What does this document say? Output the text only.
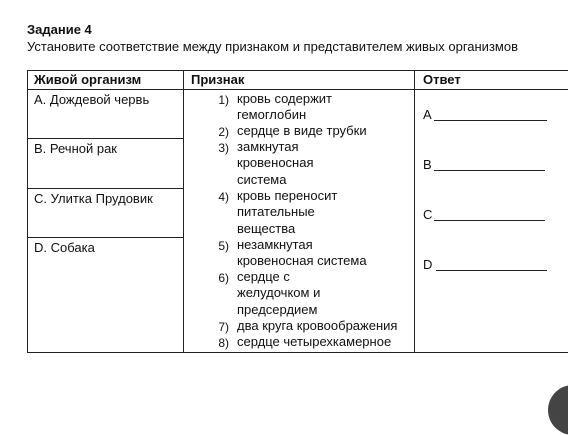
Задание 4
Установите соответствие между признаком и представителем живых организмов
Живой организм	Признак	Ответ
А. Дождевой червь
В. Речной рак
С. Улитка Прудовик
D. Собака
1) кровь содержит
гемоглобин
2) сердце в виде трубки
3) замкнутая
кровеносная
система
4) кровь переносит
питательные
вещества
5) незамкнутая
кровеносная система
6) сердце с
желудочком и
предсердием
7) два круга кровоображения
8) сердце четырехкамерное
А
В
С
D
